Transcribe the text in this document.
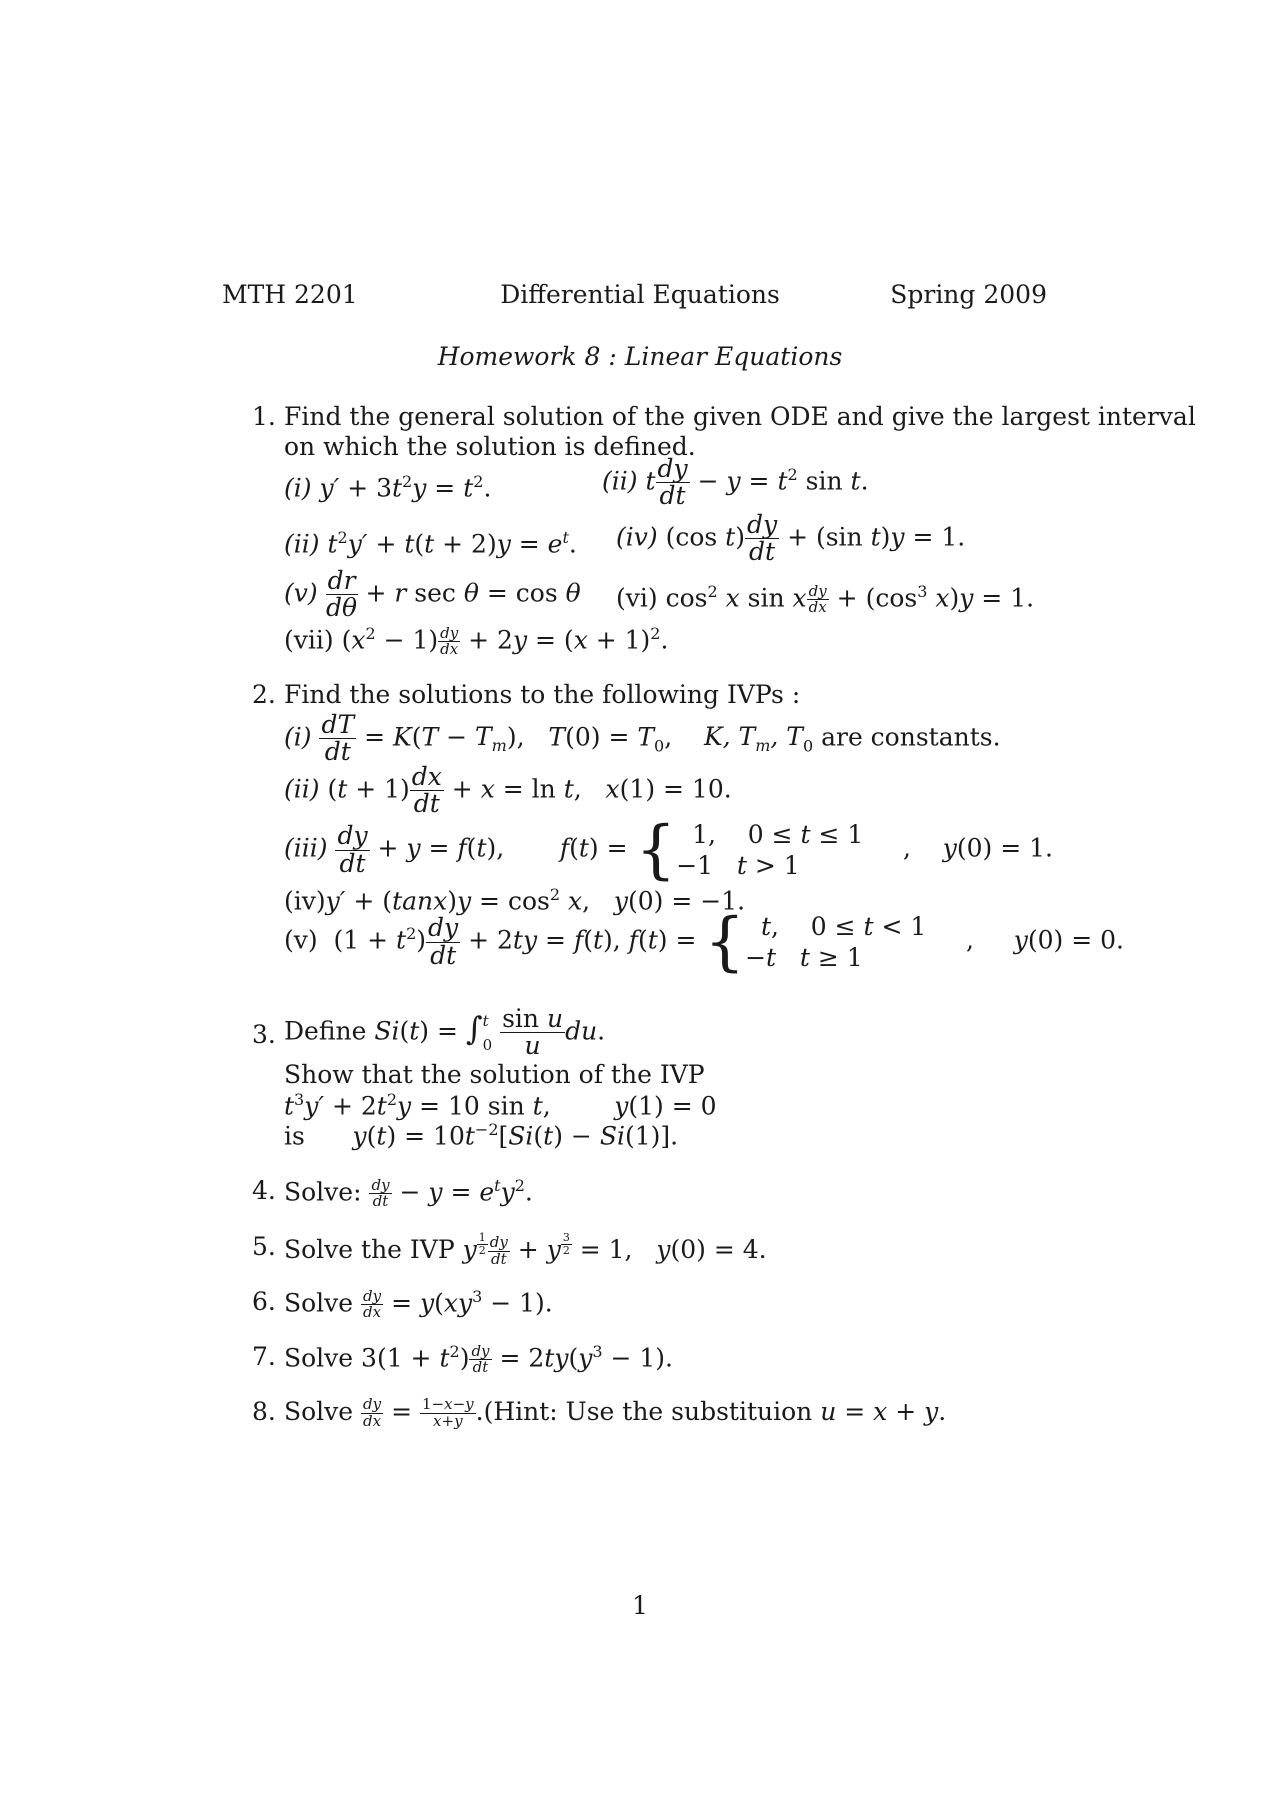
MTH 2201	Differential Equations	Spring 2009
Homework 8 : Linear Equations
1. Find the general solution of the given ODE and give the largest interval
on which the solution is defined.
(i) $y' + 3t^2y = t^2$.	(ii) t $\frac{dy}{dt} - y = t^2$ sin t.
(ii) $t^2y' + t(t + 2)y = e^t$. (iv) (cos $t) \frac{dy}{dt} + (\sin$ t)y = 1.
$(v) \frac{dr}{d\theta} + r$ sec θ = cos θ (vi) $\cos^2 x$ sin x $\frac{dy}{dx} + (\cos^3$ x)y = 1.
(vii) $(x^2 - 1) \frac{dy}{dx} + 2y = (x + 1)^2$.
2. Find the solutions to the following IVPs :
$(i) \frac{dT}{dt} = K(T - T_m)$,   $T(0) = T_0$,    K, $T_m$, $T_0$ are constants.
(ii) $(t + 1) \frac{dx}{dt} + x = \ln t$,   x(1) = 10.
$(iii) \frac{dy}{dt} + y = f(t)$,       f(t) = { 1,    0 ≤ t ≤ 1
−1   t > 1
,    y(0) = 1.
$(iv)y' + (\tan x)y = \cos^2 x$,   y(0) = −1.
(v)  $(1 + t^2) \frac{dy}{dt} + 2ty = f(t)$, f(t) = { t,    0 ≤ t < 1
−t t ≥ 1
,     y(0) = 0.
3. Define Si(t) = ∫ t
0
$\frac{\text{sin u}}{u}$ du.
Show that the solution of the IVP
$t^3y' + 2t^2y = 10$ sin t,        y(1) = 0
is      $y(t) = 10t^{-2}[Si(t) - Si(1)]$.
4. Solve: $\frac{dy}{dt} - y = e^ty^2$.
5. Solve the IVP y $^{\frac{1}{2}} \frac{dy}{dt} + y$ $^{\frac{3}{2}}$ = 1,   y(0) = 4.
6. Solve $\frac{dy}{dx} = y(xy^3 - 1)$.
7. Solve $3(1 + t^2) \frac{dy}{dt} = 2ty(y^3 - 1)$.
8. Solve $\frac{dy}{dx} = \frac{1-x-y}{x+y}$ .(Hint: Use the substituion u = x + y.
1
